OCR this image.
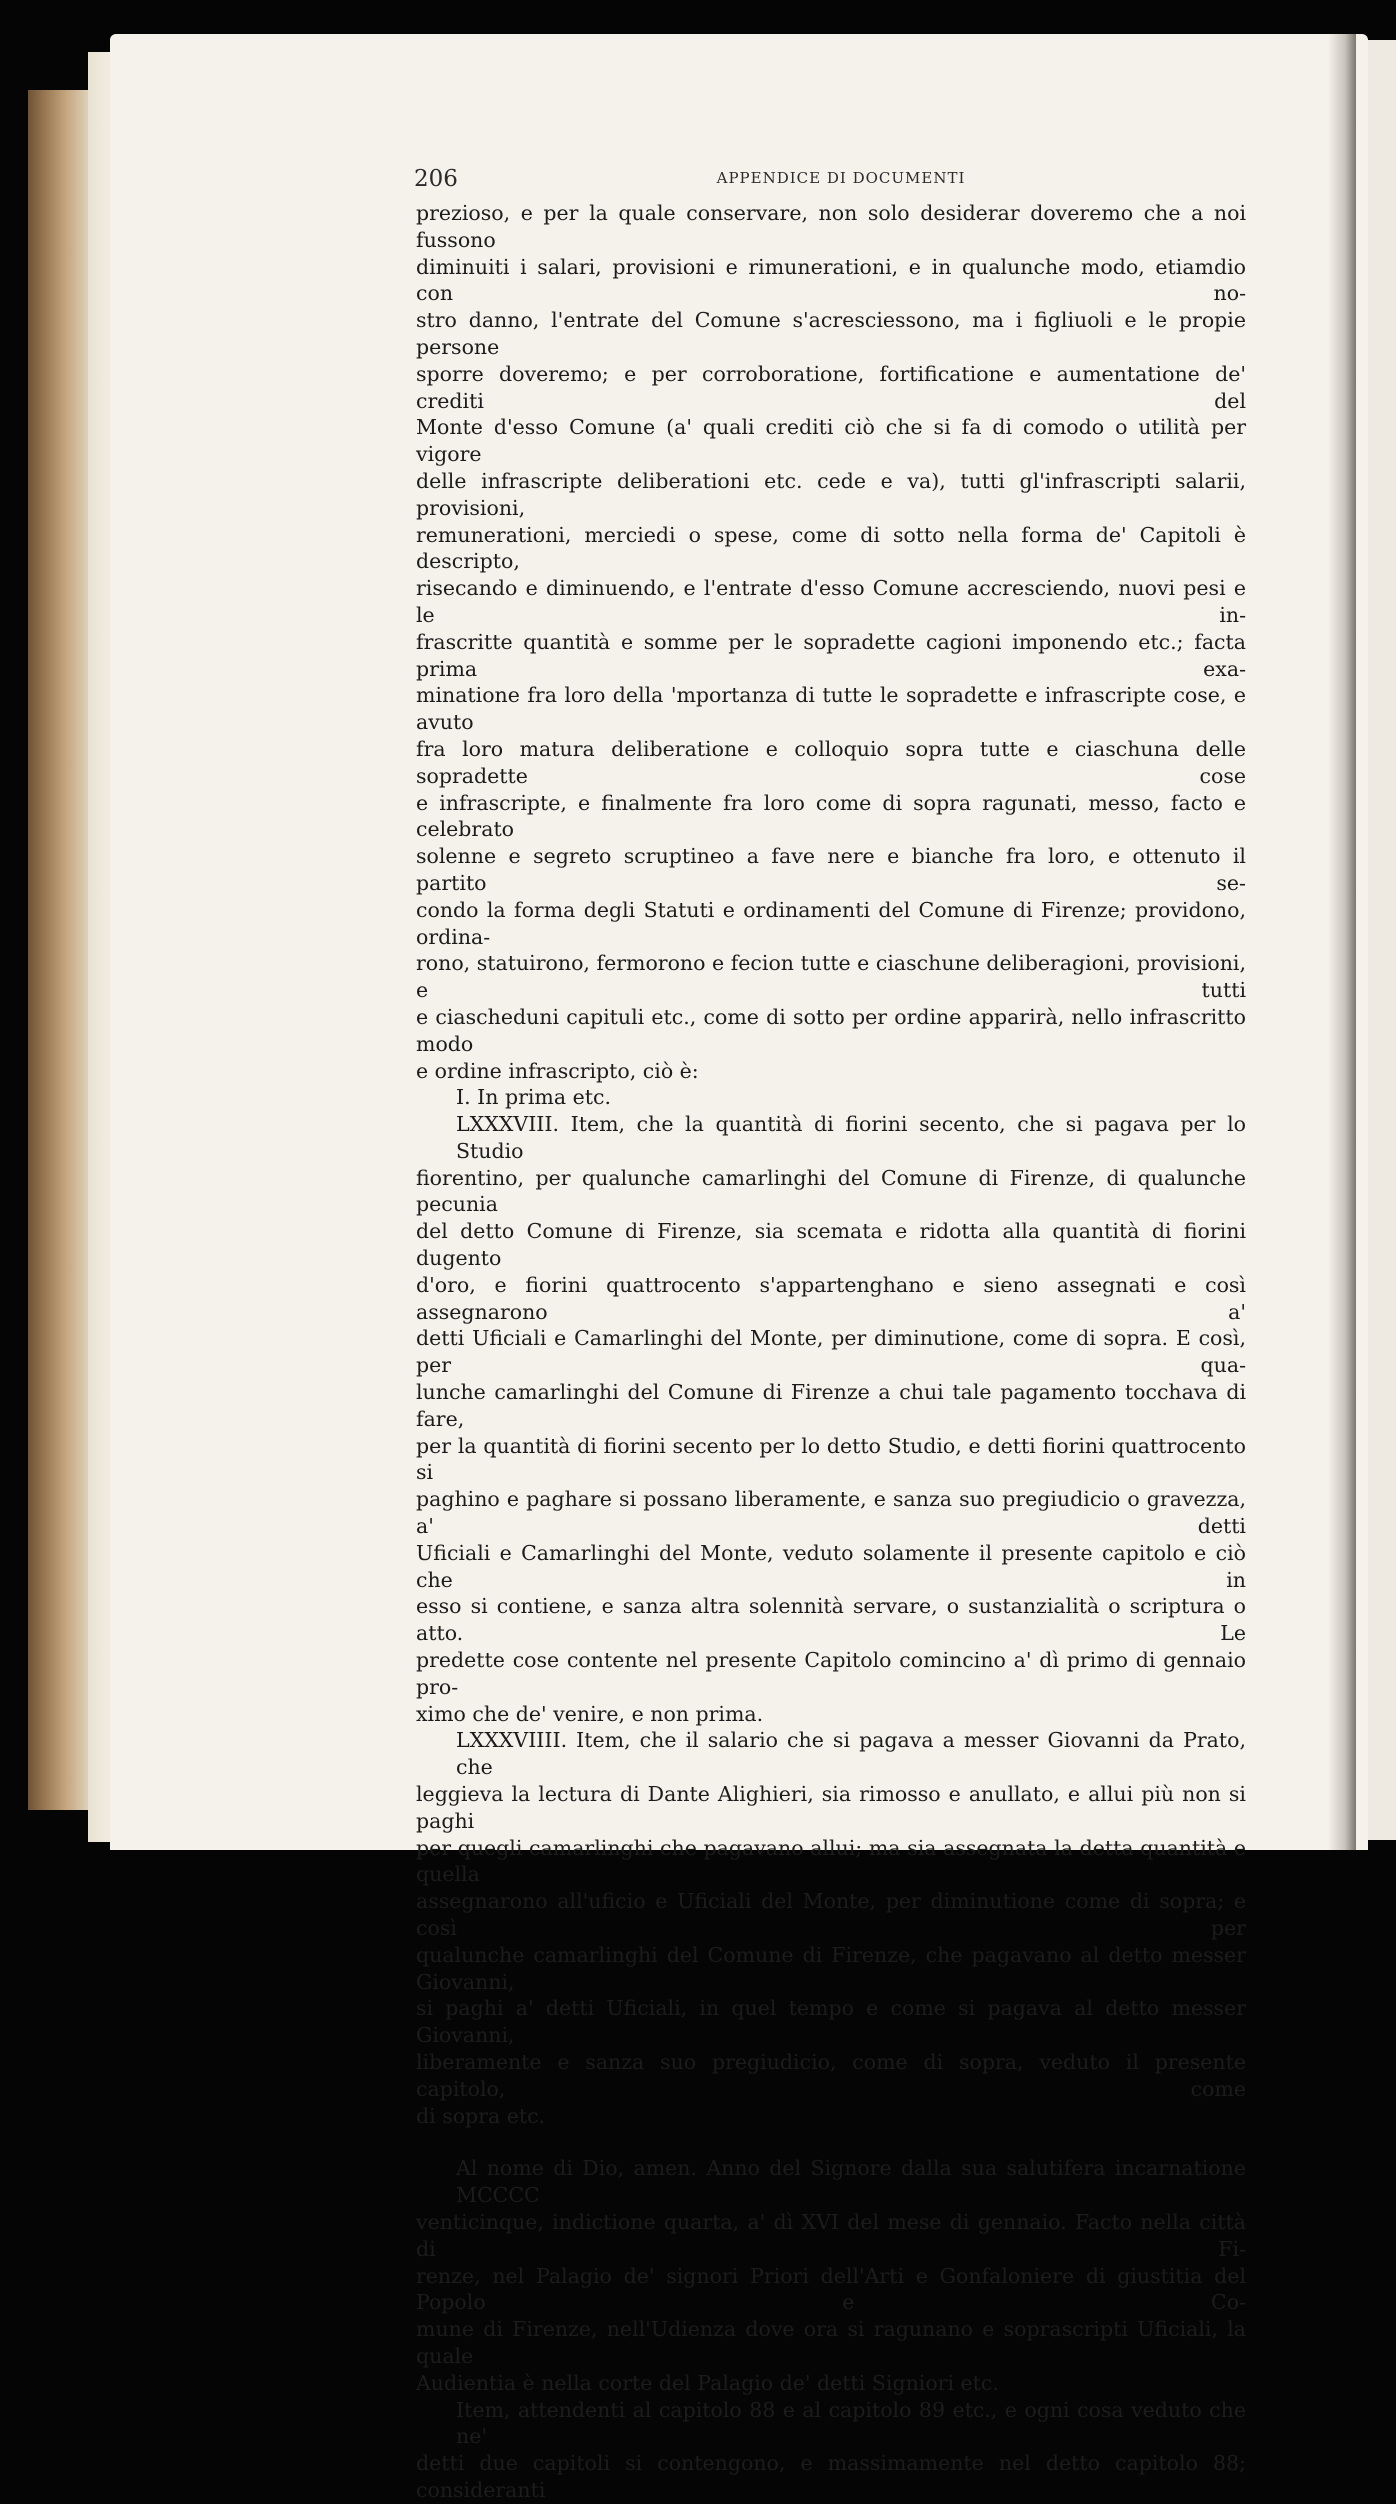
206	APPENDICE DI DOCUMENTI

prezioso, e per la quale conservare, non solo desiderar doveremo che a noi fussono

diminuiti i salari, provisioni e rimunerationi, e in qualunche modo, etiamdio con no-

stro danno, l'entrate del Comune s'acresciessono, ma i figliuoli e le propie persone

sporre doveremo; e per corroboratione, fortificatione e aumentatione de' crediti del

Monte d'esso Comune (a' quali crediti ciò che si fa di comodo o utilità per vigore

delle infrascripte deliberationi etc. cede e va), tutti gl'infrascripti salarii, provisioni,

remunerationi, merciedi o spese, come di sotto nella forma de' Capitoli è descripto,

risecando e diminuendo, e l'entrate d'esso Comune accresciendo, nuovi pesi e le in-

frascritte quantità e somme per le sopradette cagioni imponendo etc.; facta prima exa-

minatione fra loro della 'mportanza di tutte le sopradette e infrascripte cose, e avuto

fra loro matura deliberatione e colloquio sopra tutte e ciaschuna delle sopradette cose

e infrascripte, e finalmente fra loro come di sopra ragunati, messo, facto e celebrato

solenne e segreto scruptineo a fave nere e bianche fra loro, e ottenuto il partito se-

condo la forma degli Statuti e ordinamenti del Comune di Firenze; providono, ordina-

rono, statuirono, fermorono e fecion tutte e ciaschune deliberagioni, provisioni, e tutti

e ciascheduni capituli etc., come di sotto per ordine apparirà, nello infrascritto modo

e ordine infrascripto, ciò è:

I. In prima etc.

LXXXVIII. Item, che la quantità di fiorini secento, che si pagava per lo Studio

fiorentino, per qualunche camarlinghi del Comune di Firenze, di qualunche pecunia

del detto Comune di Firenze, sia scemata e ridotta alla quantità di fiorini dugento

d'oro, e fiorini quattrocento s'appartenghano e sieno assegnati e così assegnarono a'

detti Uficiali e Camarlinghi del Monte, per diminutione, come di sopra. E così, per qua-

lunche camarlinghi del Comune di Firenze a chui tale pagamento tocchava di fare,

per la quantità di fiorini secento per lo detto Studio, e detti fiorini quattrocento si

paghino e paghare si possano liberamente, e sanza suo pregiudicio o gravezza, a' detti

Uficiali e Camarlinghi del Monte, veduto solamente il presente capitolo e ciò che in

esso si contiene, e sanza altra solennità servare, o sustanzialità o scriptura o atto. Le

predette cose contente nel presente Capitolo comincino a' dì primo di gennaio pro-

ximo che de' venire, e non prima.

LXXXVIIII. Item, che il salario che si pagava a messer Giovanni da Prato, che

leggieva la lectura di Dante Alighieri, sia rimosso e anullato, e allui più non si paghi

per quegli camarlinghi che pagavano allui; ma sia assegnata la detta quantità e quella

assegnarono all'uficio e Uficiali del Monte, per diminutione come di sopra; e così per

qualunche camarlinghi del Comune di Firenze, che pagavano al detto messer Giovanni,

si paghi a' detti Uficiali, in quel tempo e come si pagava al detto messer Giovanni,

liberamente e sanza suo pregiudicio, come di sopra, veduto il presente capitolo, come

di sopra etc.

Al nome di Dio, amen. Anno del Signore dalla sua salutifera incarnatione MCCCC

venticinque, indictione quarta, a' dì XVI del mese di gennaio. Facto nella città di Fi-

renze, nel Palagio de' signori Priori dell'Arti e Gonfaloniere di giustitia del Popolo e Co-

mune di Firenze, nell'Udienza dove ora si ragunano e soprascripti Uficiali, la quale

Audientia è nella corte del Palagio de' detti Signiori etc.

Item, attendenti al capitolo 88 e al capitolo 89 etc., e ogni cosa veduto che ne'

detti due capitoli si contengono, e massimamente nel detto capitolo 88; consideranti
